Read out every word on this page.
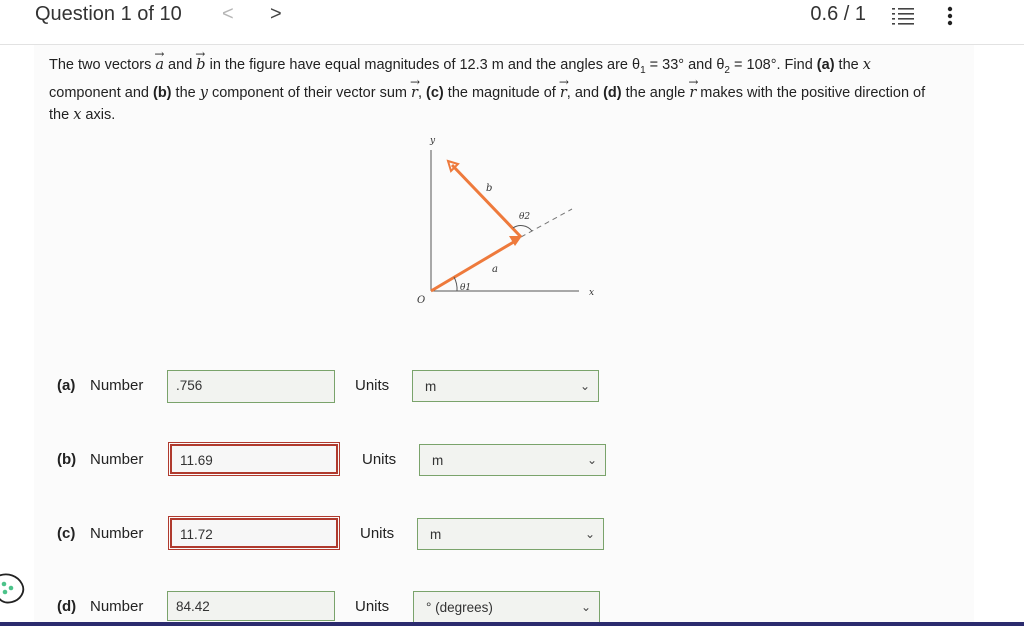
Question 1 of 10 < >	0.6 / 1
The two vectors → a and → b in the figure have equal magnitudes of 12.3 m and the angles are $\theta_1 = 33^\circ$ and $\theta_2 = 108^\circ$. Find (a) the x component and (b) the y component of their vector sum → r, (c) the magnitude of → r, and (d) the angle → r makes with the positive direction of the x axis.
y
x
O
a
b
θ1
θ2
(a) Number	.756	Units	m	⌄
(b) Number	11.69	Units	m	⌄
(c) Number	11.72	Units	m	⌄
(d) Number	84.42	Units	° (degrees)	⌄
